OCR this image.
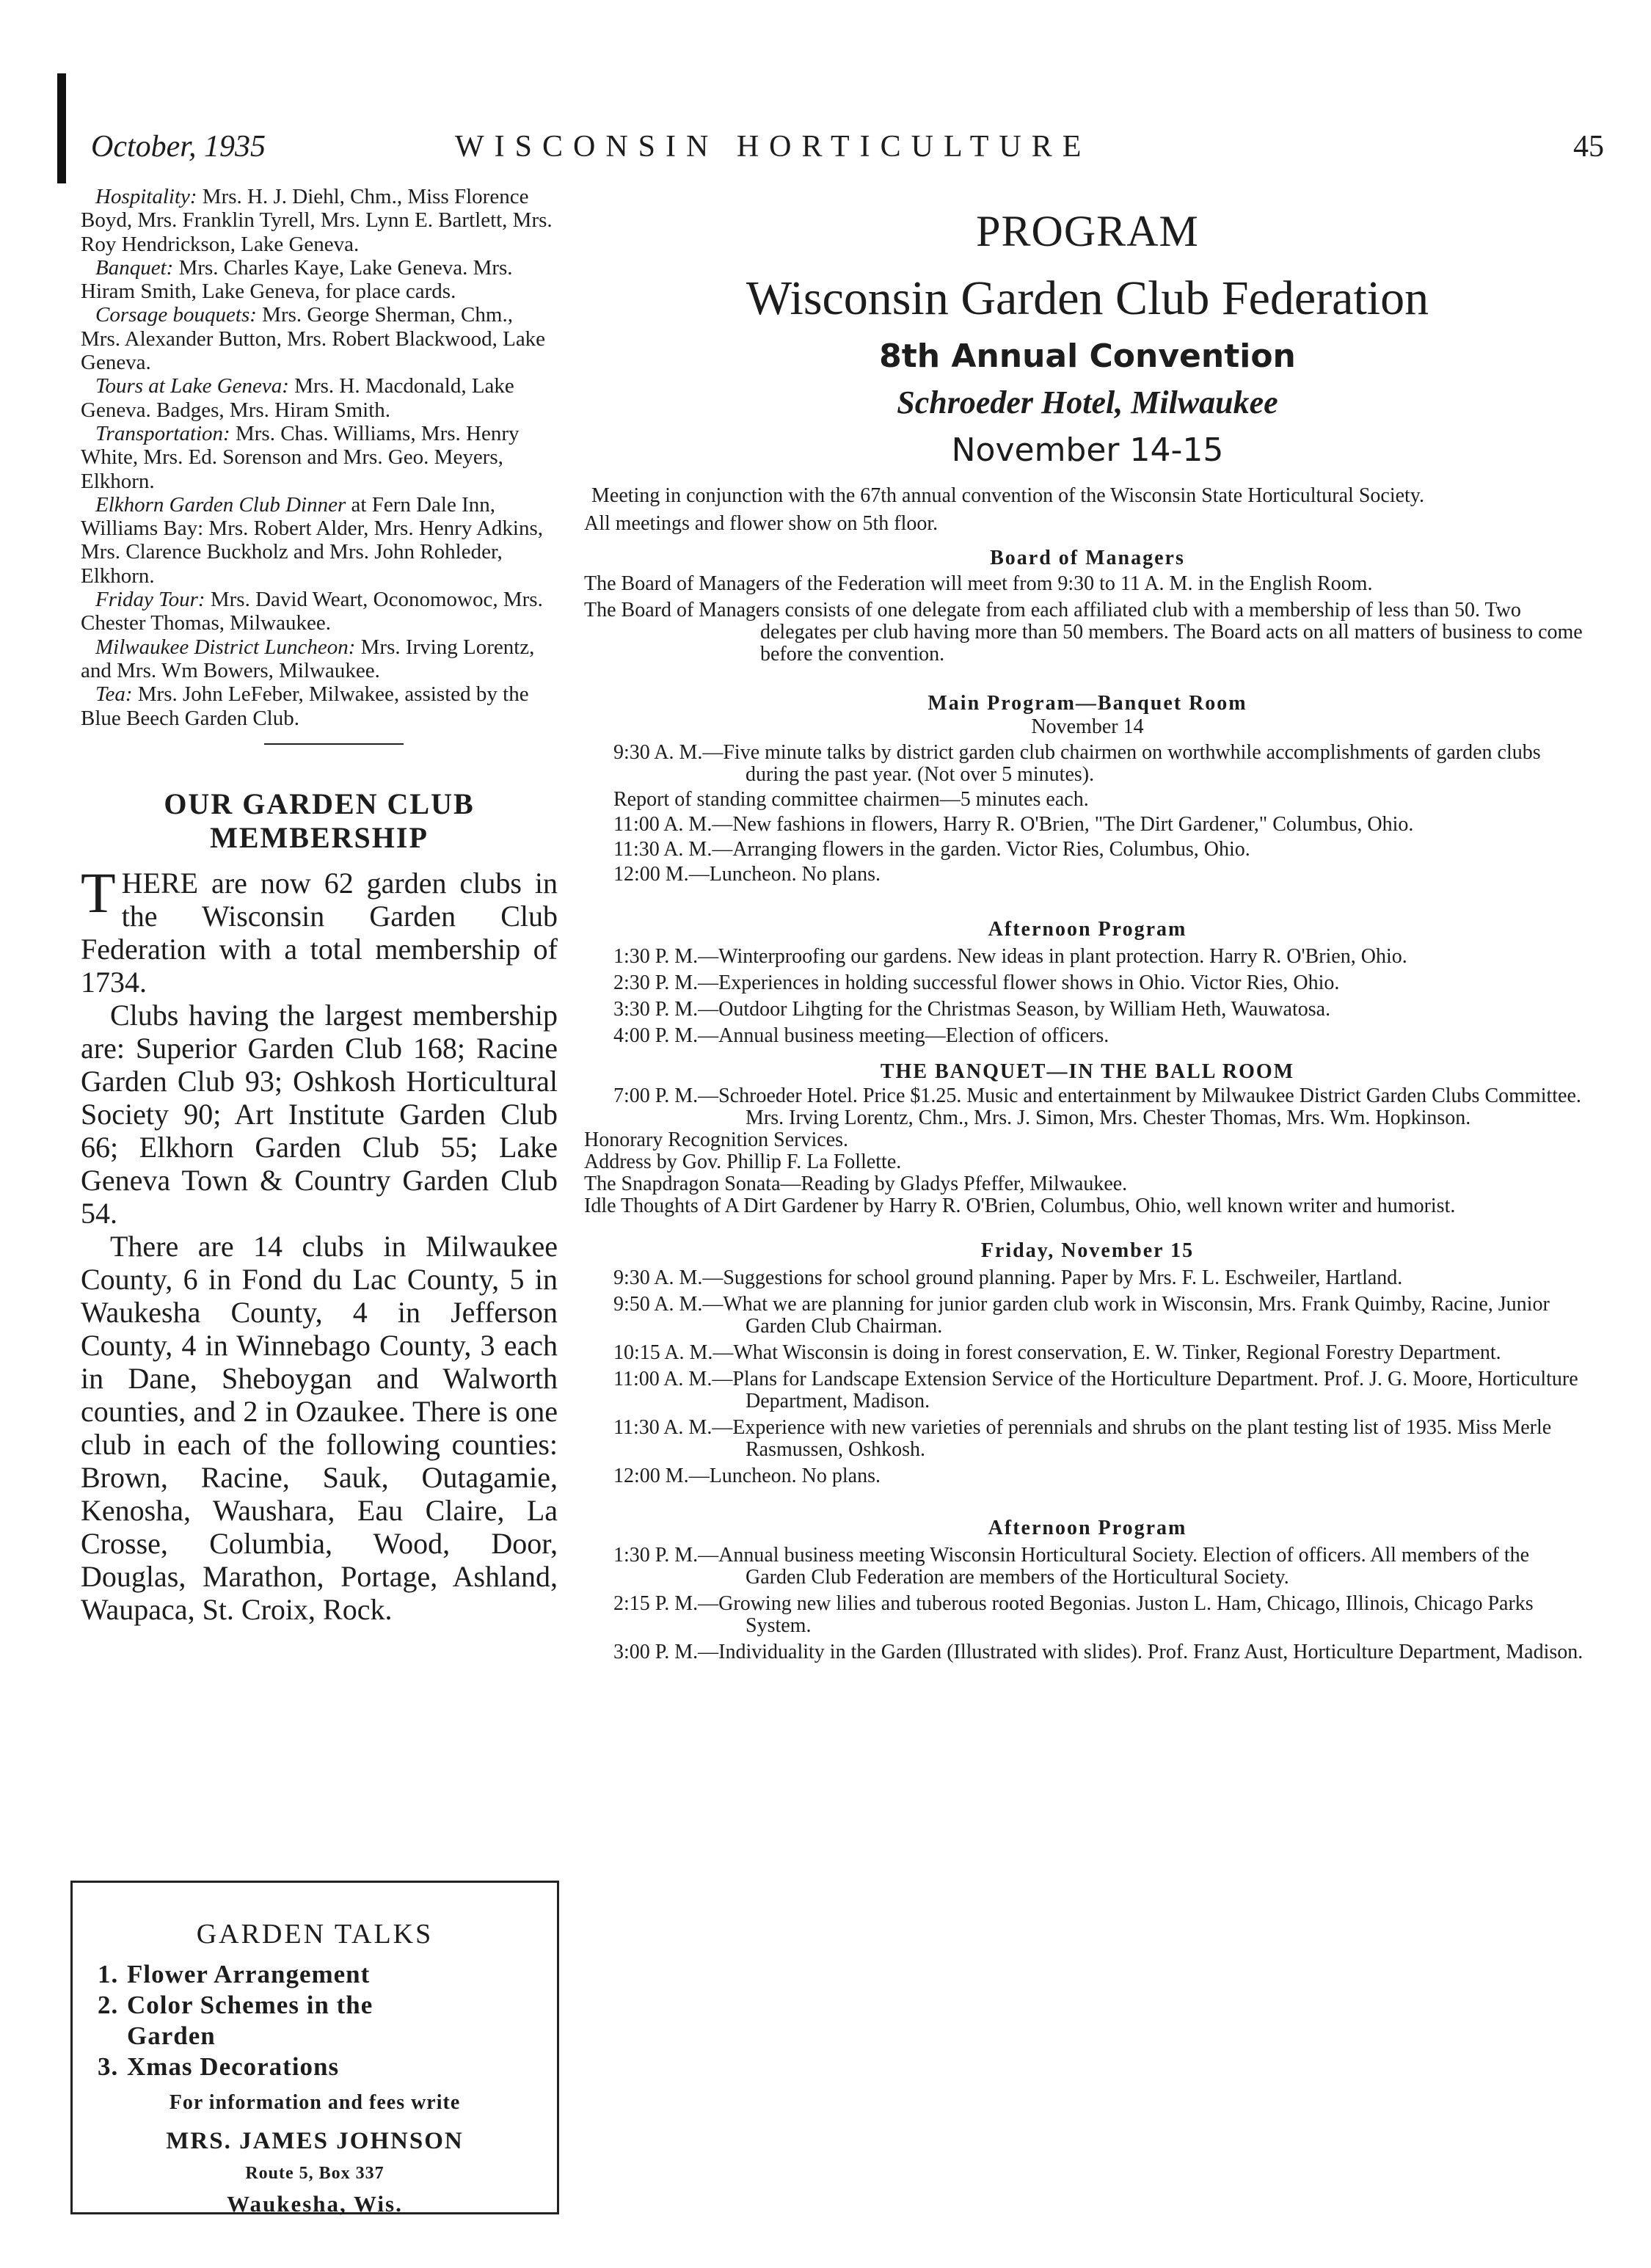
October, 1935	WISCONSIN HORTICULTURE	45

Hospitality: Mrs. H. J. Diehl, Chm., Miss Florence Boyd, Mrs. Franklin Tyrell, Mrs. Lynn E. Bartlett, Mrs. Roy Hendrickson, Lake Geneva.

Banquet: Mrs. Charles Kaye, Lake Geneva. Mrs. Hiram Smith, Lake Geneva, for place cards.

Corsage bouquets: Mrs. George Sherman, Chm., Mrs. Alexander Button, Mrs. Robert Blackwood, Lake Geneva.

Tours at Lake Geneva: Mrs. H. Macdonald, Lake Geneva. Badges, Mrs. Hiram Smith.

Transportation: Mrs. Chas. Williams, Mrs. Henry White, Mrs. Ed. Sorenson and Mrs. Geo. Meyers, Elkhorn.

Elkhorn Garden Club Dinner at Fern Dale Inn, Williams Bay: Mrs. Robert Alder, Mrs. Henry Adkins, Mrs. Clarence Buckholz and Mrs. John Rohleder, Elkhorn.

Friday Tour: Mrs. David Weart, Oconomowoc, Mrs. Chester Thomas, Milwaukee.

Milwaukee District Luncheon: Mrs. Irving Lorentz, and Mrs. Wm Bowers, Milwaukee.

Tea: Mrs. John LeFeber, Milwakee, assisted by the Blue Beech Garden Club.

OUR GARDEN CLUB
MEMBERSHIP

THERE are now 62 garden clubs in the Wisconsin Garden Club Federation with a total membership of 1734.

Clubs having the largest membership are: Superior Garden Club 168; Racine Garden Club 93; Oshkosh Horticultural Society 90; Art Institute Garden Club 66; Elkhorn Garden Club 55; Lake Geneva Town & Country Garden Club 54.

There are 14 clubs in Milwaukee County, 6 in Fond du Lac County, 5 in Waukesha County, 4 in Jefferson County, 4 in Winnebago County, 3 each in Dane, Sheboygan and Walworth counties, and 2 in Ozaukee. There is one club in each of the following counties: Brown, Racine, Sauk, Outagamie, Kenosha, Waushara, Eau Claire, La Crosse, Columbia, Wood, Door, Douglas, Marathon, Portage, Ashland, Waupaca, St. Croix, Rock.

GARDEN TALKS
1. Flower Arrangement
2. Color Schemes in the
Garden
3. Xmas Decorations
For information and fees write
MRS. JAMES JOHNSON
Route 5, Box 337
Waukesha, Wis.
PROGRAM
Wisconsin Garden Club Federation
8th Annual Convention
Schroeder Hotel, Milwaukee
November 14-15

Meeting in conjunction with the 67th annual convention of the Wisconsin State Horticultural Society.

All meetings and flower show on 5th floor.

Board of Managers

The Board of Managers of the Federation will meet from 9:30 to 11 A. M. in the English Room.

The Board of Managers consists of one delegate from each affiliated club with a membership of less than 50. Two delegates per club having more than 50 members. The Board acts on all matters of business to come before the convention.

Main Program—Banquet Room

November 14

9:30 A. M.—Five minute talks by district garden club chairmen on worthwhile accomplishments of garden clubs during the past year. (Not over 5 minutes).

Report of standing committee chairmen—5 minutes each.

11:00 A. M.—New fashions in flowers, Harry R. O'Brien, "The Dirt Gardener," Columbus, Ohio.

11:30 A. M.—Arranging flowers in the garden. Victor Ries, Columbus, Ohio.

12:00 M.—Luncheon. No plans.

Afternoon Program

1:30 P. M.—Winterproofing our gardens. New ideas in plant protection. Harry R. O'Brien, Ohio.

2:30 P. M.—Experiences in holding successful flower shows in Ohio. Victor Ries, Ohio.

3:30 P. M.—Outdoor Lihgting for the Christmas Season, by William Heth, Wauwatosa.

4:00 P. M.—Annual business meeting—Election of officers.

THE BANQUET—IN THE BALL ROOM

7:00 P. M.—Schroeder Hotel. Price $1.25. Music and entertainment by Milwaukee District Garden Clubs Committee. Mrs. Irving Lorentz, Chm., Mrs. J. Simon, Mrs. Chester Thomas, Mrs. Wm. Hopkinson.

Honorary Recognition Services.

Address by Gov. Phillip F. La Follette.

The Snapdragon Sonata—Reading by Gladys Pfeffer, Milwaukee.

Idle Thoughts of A Dirt Gardener by Harry R. O'Brien, Columbus, Ohio, well known writer and humorist.

Friday, November 15

9:30 A. M.—Suggestions for school ground planning. Paper by Mrs. F. L. Eschweiler, Hartland.

9:50 A. M.—What we are planning for junior garden club work in Wisconsin, Mrs. Frank Quimby, Racine, Junior Garden Club Chairman.

10:15 A. M.—What Wisconsin is doing in forest conservation, E. W. Tinker, Regional Forestry Department.

11:00 A. M.—Plans for Landscape Extension Service of the Horticulture Department. Prof. J. G. Moore, Horticulture Department, Madison.

11:30 A. M.—Experience with new varieties of perennials and shrubs on the plant testing list of 1935. Miss Merle Rasmussen, Oshkosh.

12:00 M.—Luncheon. No plans.

Afternoon Program

1:30 P. M.—Annual business meeting Wisconsin Horticultural Society. Election of officers. All members of the Garden Club Federation are members of the Horticultural Society.

2:15 P. M.—Growing new lilies and tuberous rooted Begonias. Juston L. Ham, Chicago, Illinois, Chicago Parks System.

3:00 P. M.—Individuality in the Garden (Illustrated with slides). Prof. Franz Aust, Horticulture Department, Madison.
